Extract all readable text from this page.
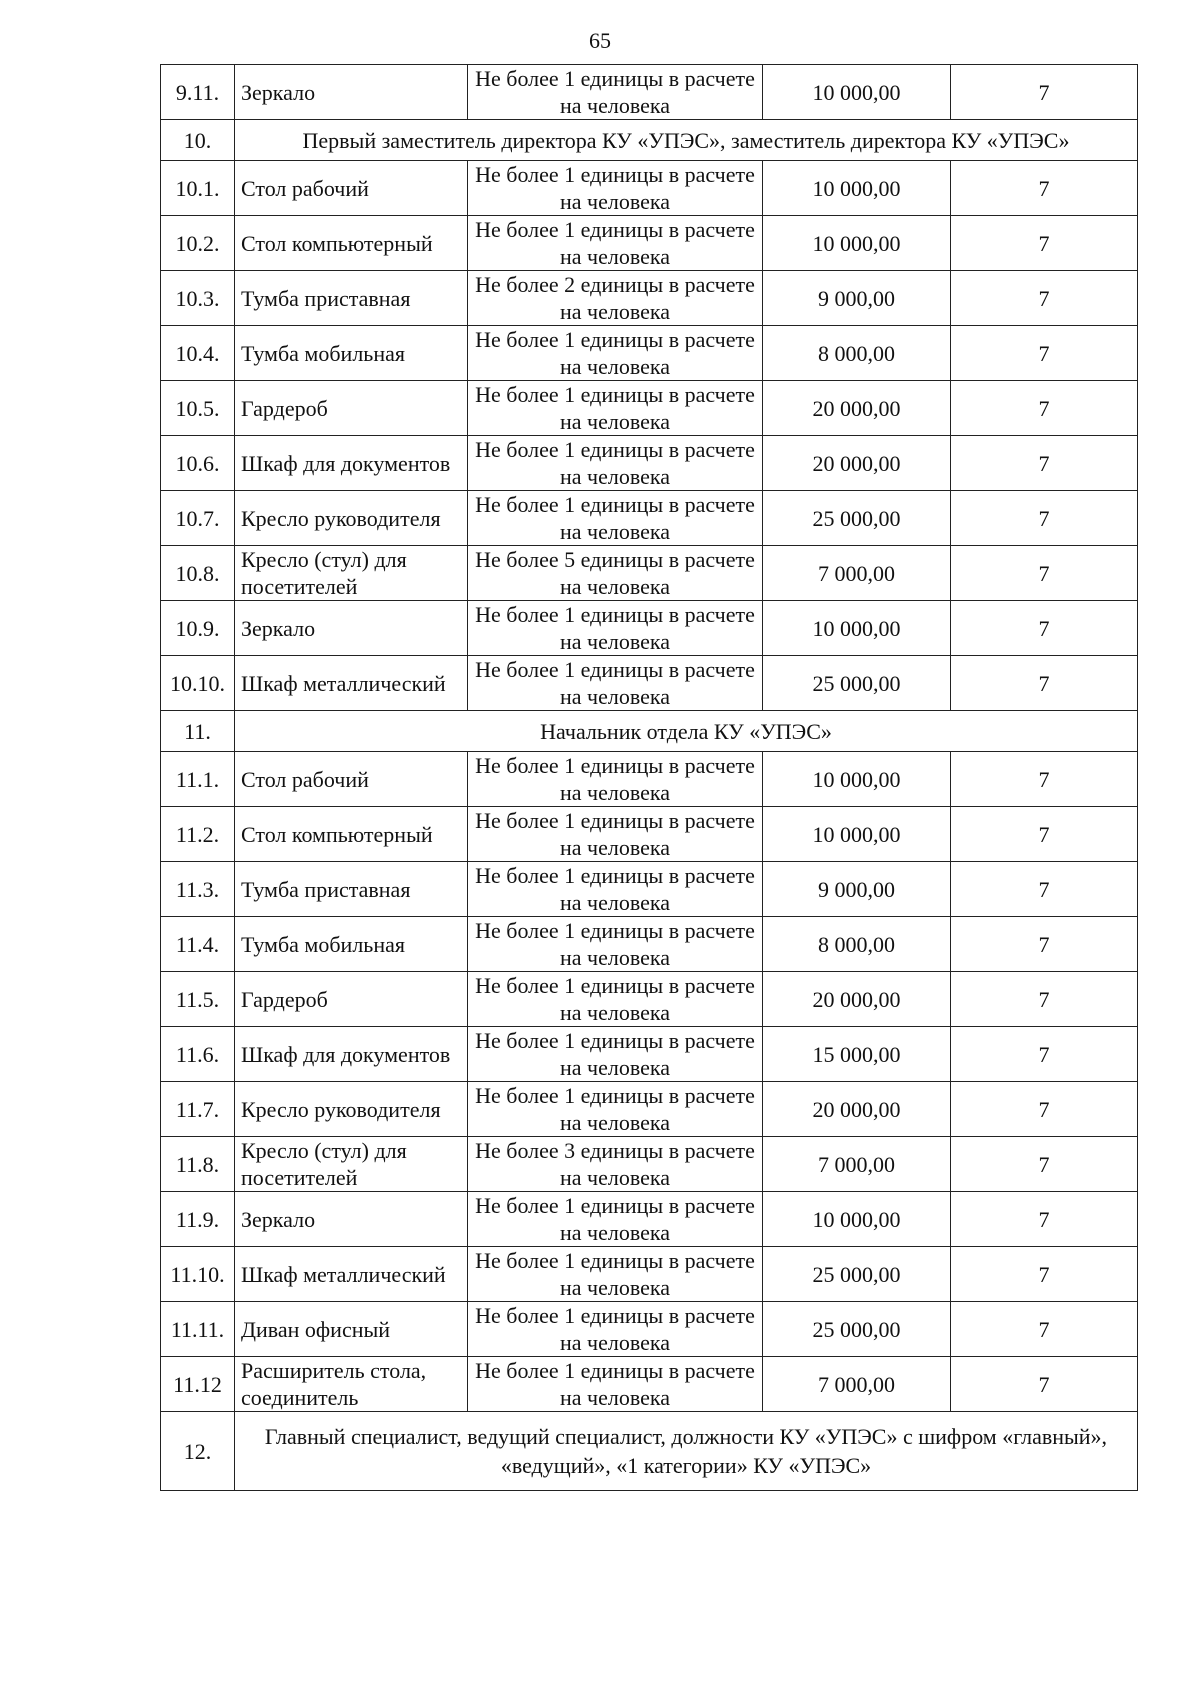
65
9.11.	Зеркало	Не более 1 единицы в расчете на человека	10 000,00	7
10.	Первый заместитель директора КУ «УПЭС», заместитель директора КУ «УПЭС»			
10.1.	Стол рабочий	Не более 1 единицы в расчете на человека	10 000,00	7
10.2.	Стол компьютерный	Не более 1 единицы в расчете на человека	10 000,00	7
10.3.	Тумба приставная	Не более 2 единицы в расчете на человека	9 000,00	7
10.4.	Тумба мобильная	Не более 1 единицы в расчете на человека	8 000,00	7
10.5.	Гардероб	Не более 1 единицы в расчете на человека	20 000,00	7
10.6.	Шкаф для документов	Не более 1 единицы в расчете на человека	20 000,00	7
10.7.	Кресло руководителя	Не более 1 единицы в расчете на человека	25 000,00	7
10.8.	Кресло (стул) для посетителей	Не более 5 единицы в расчете на человека	7 000,00	7
10.9.	Зеркало	Не более 1 единицы в расчете на человека	10 000,00	7
10.10.	Шкаф металлический	Не более 1 единицы в расчете на человека	25 000,00	7
11.	Начальник отдела КУ «УПЭС»			
11.1.	Стол рабочий	Не более 1 единицы в расчете на человека	10 000,00	7
11.2.	Стол компьютерный	Не более 1 единицы в расчете на человека	10 000,00	7
11.3.	Тумба приставная	Не более 1 единицы в расчете на человека	9 000,00	7
11.4.	Тумба мобильная	Не более 1 единицы в расчете на человека	8 000,00	7
11.5.	Гардероб	Не более 1 единицы в расчете на человека	20 000,00	7
11.6.	Шкаф для документов	Не более 1 единицы в расчете на человека	15 000,00	7
11.7.	Кресло руководителя	Не более 1 единицы в расчете на человека	20 000,00	7
11.8.	Кресло (стул) для посетителей	Не более 3 единицы в расчете на человека	7 000,00	7
11.9.	Зеркало	Не более 1 единицы в расчете на человека	10 000,00	7
11.10.	Шкаф металлический	Не более 1 единицы в расчете на человека	25 000,00	7
11.11.	Диван офисный	Не более 1 единицы в расчете на человека	25 000,00	7
11.12	Расширитель стола, соединитель	Не более 1 единицы в расчете на человека	7 000,00	7
12.	Главный специалист, ведущий специалист, должности КУ «УПЭС» с шифром «главный», «ведущий», «1 категории» КУ «УПЭС»			
